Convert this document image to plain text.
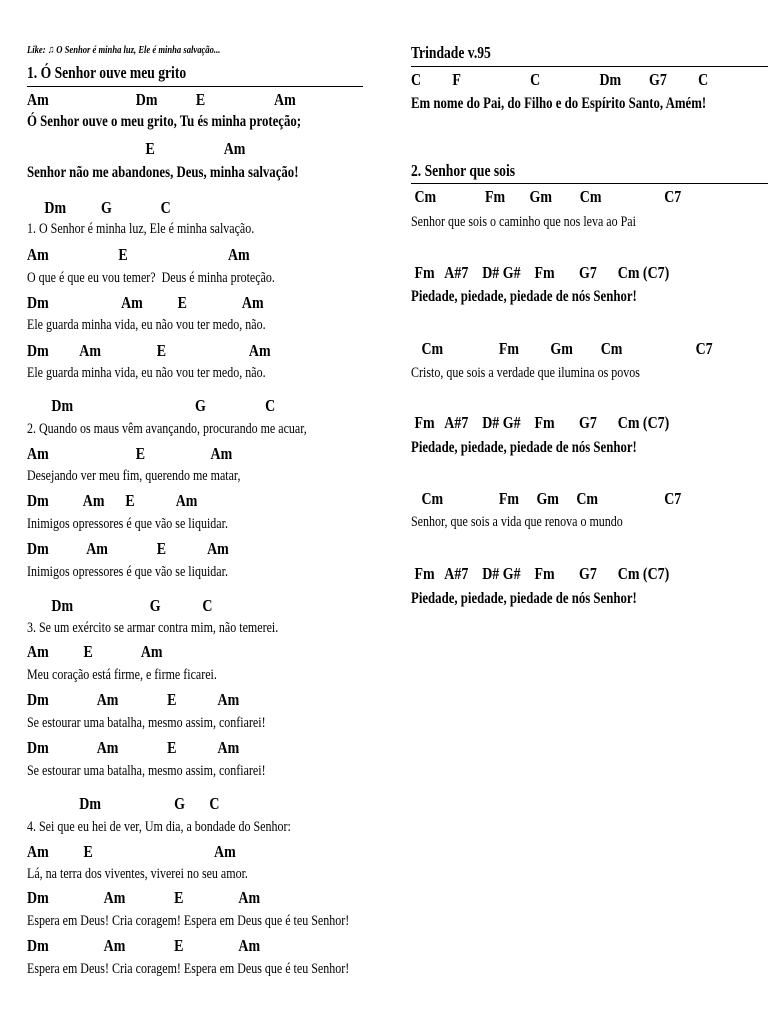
Like: ♫ O Senhor é minha luz, Ele é minha salvação...
1. Ó Senhor ouve meu grito
Am                         Dm           E                    Am
Ó Senhor ouve o meu grito, Tu és minha proteção;
E                    Am
Senhor não me abandones, Deus, minha salvação!
Dm          G              C
1. O Senhor é minha luz, Ele é minha salvação.
Am                    E                             Am
O que é que eu vou temer?  Deus é minha proteção.
Dm                     Am          E                Am
Ele guarda minha vida, eu não vou ter medo, não.
Dm         Am                E                        Am
Ele guarda minha vida, eu não vou ter medo, não.
Dm                                   G                 C
2. Quando os maus vêm avançando, procurando me acuar,
Am                         E                   Am
Desejando ver meu fim, querendo me matar,
Dm          Am      E            Am
Inimigos opressores é que vão se liquidar.
Dm           Am              E            Am
Inimigos opressores é que vão se liquidar.
Dm                      G            C
3. Se um exército se armar contra mim, não temerei.
Am          E              Am
Meu coração está firme, e firme ficarei.
Dm              Am              E            Am
Se estourar uma batalha, mesmo assim, confiarei!
Dm              Am              E            Am
Se estourar uma batalha, mesmo assim, confiarei!
Dm                     G       C
4. Sei que eu hei de ver, Um dia, a bondade do Senhor:
Am          E                                   Am
Lá, na terra dos viventes, viverei no seu amor.
Dm                Am              E                Am
Espera em Deus! Cria coragem! Espera em Deus que é teu Senhor!
Dm                Am              E                Am
Espera em Deus! Cria coragem! Espera em Deus que é teu Senhor!
Trindade v.95
C         F                    C                 Dm        G7         C
Em nome do Pai, do Filho e do Espírito Santo, Amém!
2. Senhor que sois
Cm              Fm       Gm        Cm                  C7
Senhor que sois o caminho que nos leva ao Pai
Fm   A#7    D# G#    Fm       G7      Cm (C7)
Piedade, piedade, piedade de nós Senhor!
Cm                Fm         Gm        Cm                     C7
Cristo, que sois a verdade que ilumina os povos
Fm   A#7    D# G#    Fm       G7      Cm (C7)
Piedade, piedade, piedade de nós Senhor!
Cm                Fm     Gm     Cm                   C7
Senhor, que sois a vida que renova o mundo
Fm   A#7    D# G#    Fm       G7      Cm (C7)
Piedade, piedade, piedade de nós Senhor!
